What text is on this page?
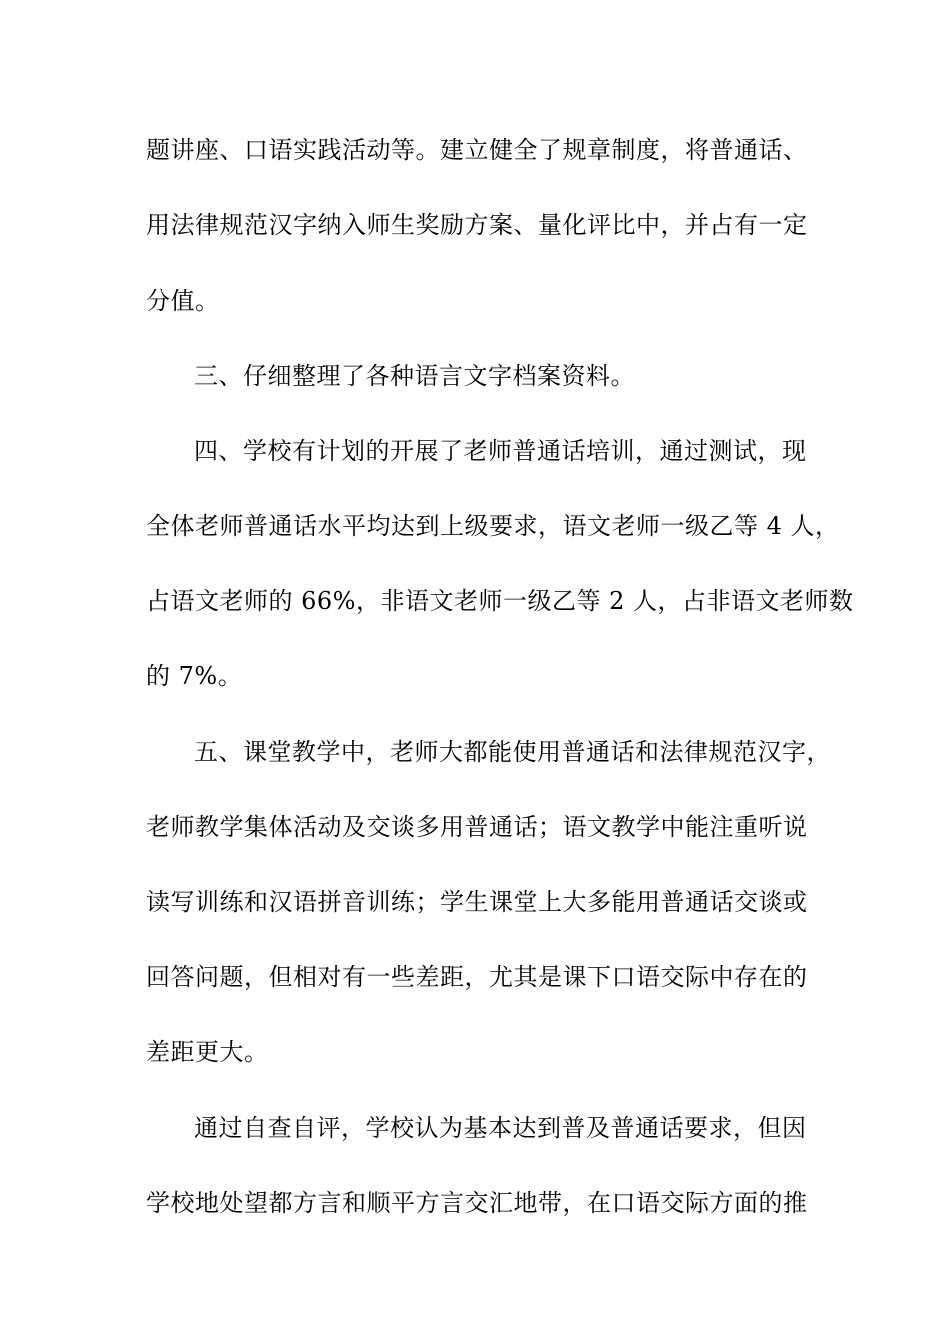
题讲座、口语实践活动等。建立健全了规章制度，将普通话、
用法律规范汉字纳入师生奖励方案、量化评比中，并占有一定
分值。
三、仔细整理了各种语言文字档案资料。
四、学校有计划的开展了老师普通话培训，通过测试，现
全体老师普通话水平均达到上级要求，语文老师一级乙等 4 人，
占语文老师的 66%，非语文老师一级乙等 2 人，占非语文老师数
的 7%。
五、课堂教学中，老师大都能使用普通话和法律规范汉字，
老师教学集体活动及交谈多用普通话；语文教学中能注重听说
读写训练和汉语拼音训练；学生课堂上大多能用普通话交谈或
回答问题，但相对有一些差距，尤其是课下口语交际中存在的
差距更大。
通过自查自评，学校认为基本达到普及普通话要求，但因
学校地处望都方言和顺平方言交汇地带，在口语交际方面的推
